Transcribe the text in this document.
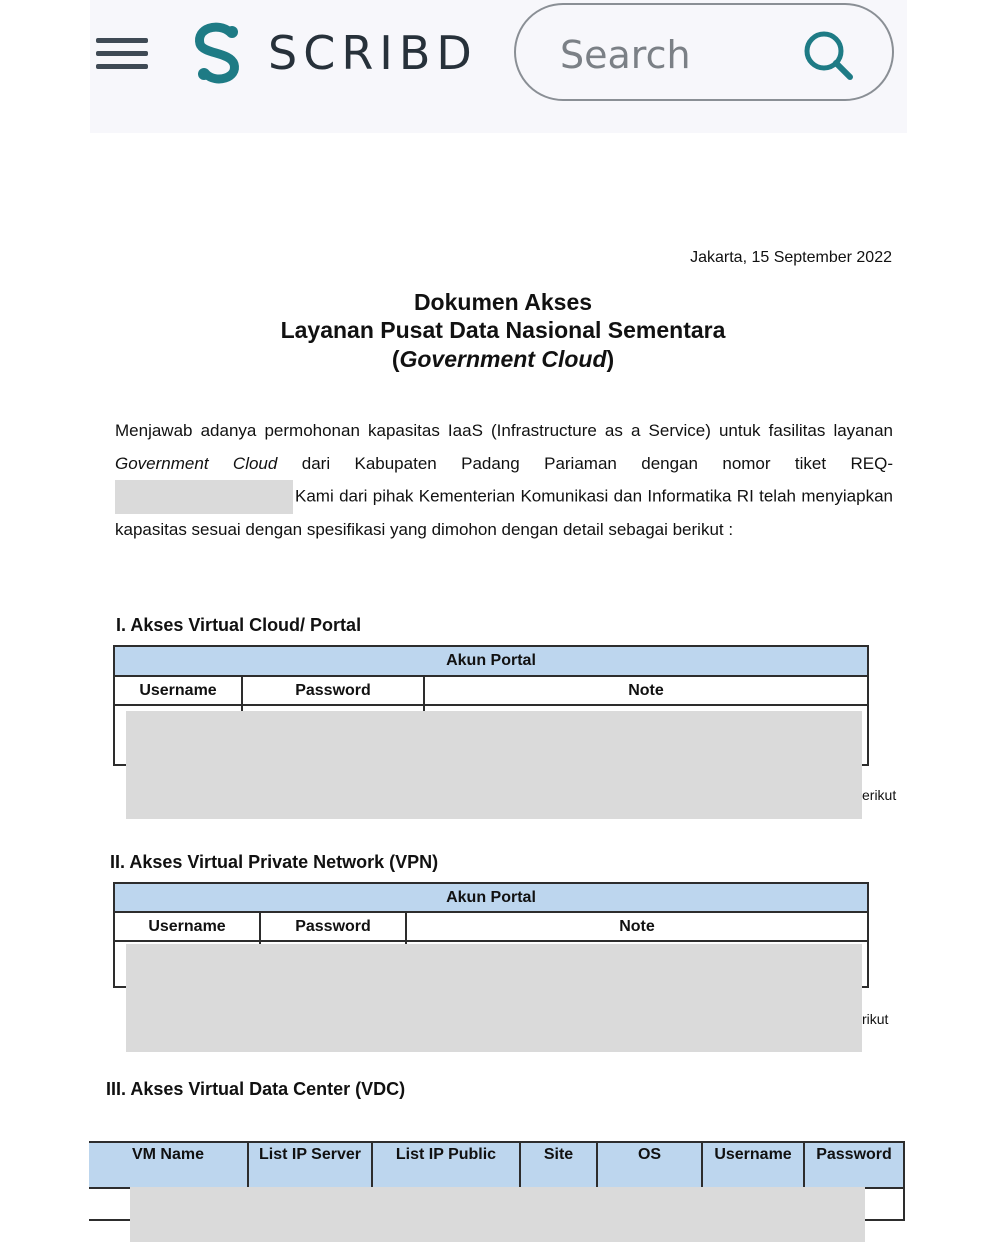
SCRIBD Search
Jakarta, 15 September 2022
Dokumen Akses
Layanan Pusat Data Nasional Sementara
(Government Cloud)
Menjawab adanya permohonan kapasitas IaaS (Infrastructure as a Service) untuk fasilitas layanan Government Cloud dari Kabupaten Padang Pariaman dengan nomor tiket REQ- Kami dari pihak Kementerian Komunikasi dan Informatika RI telah menyiapkan kapasitas sesuai dengan spesifikasi yang dimohon dengan detail sebagai berikut :
I. Akses Virtual Cloud/ Portal
Akun Portal		
Username	Password	Note

erikut
II. Akses Virtual Private Network (VPN)
Akun Portal		
Username	Password	Note

rikut
III. Akses Virtual Data Center (VDC)
VM Name	List IP Server	List IP Public	Site	OS	Username	Password
